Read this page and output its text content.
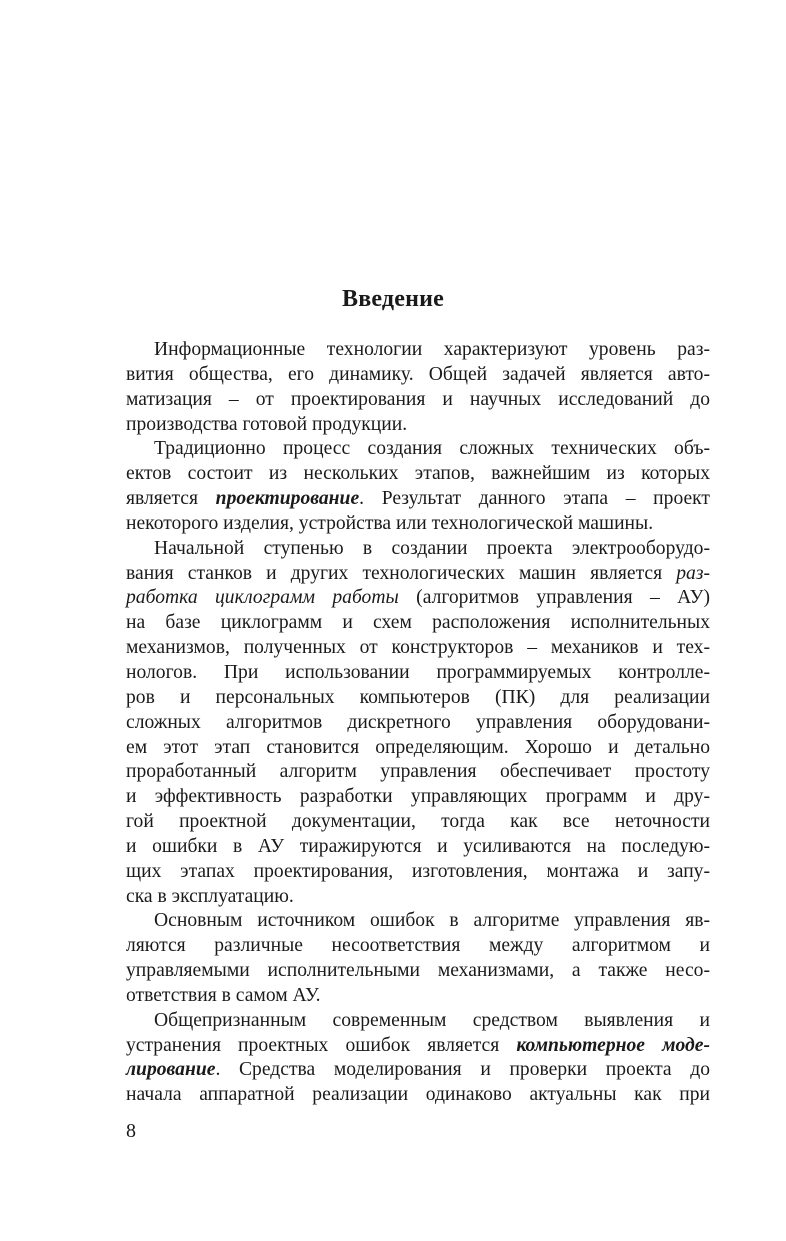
Введение
Информационные технологии характеризуют уровень раз-
вития общества, его динамику. Общей задачей является авто-
матизация – от проектирования и научных исследований до
производства готовой продукции.
Традиционно процесс создания сложных технических объ-
ектов состоит из нескольких этапов, важнейшим из которых
является проектирование. Результат данного этапа – проект
некоторого изделия, устройства или технологической машины.
Начальной ступенью в создании проекта электрооборудо-
вания станков и других технологических машин является раз-
работка циклограмм работы (алгоритмов управления – АУ)
на базе циклограмм и схем расположения исполнительных
механизмов, полученных от конструкторов – механиков и тех-
нологов. При использовании программируемых контролле-
ров и персональных компьютеров (ПК) для реализации
сложных алгоритмов дискретного управления оборудовани-
ем этот этап становится определяющим. Хорошо и детально
проработанный алгоритм управления обеспечивает простоту
и эффективность разработки управляющих программ и дру-
гой проектной документации, тогда как все неточности
и ошибки в АУ тиражируются и усиливаются на последую-
щих этапах проектирования, изготовления, монтажа и запу-
ска в эксплуатацию.
Основным источником ошибок в алгоритме управления яв-
ляются различные несоответствия между алгоритмом и
управляемыми исполнительными механизмами, а также несо-
ответствия в самом АУ.
Общепризнанным современным средством выявления и
устранения проектных ошибок является компьютерное моде-
лирование. Средства моделирования и проверки проекта до
начала аппаратной реализации одинаково актуальны как при
8
